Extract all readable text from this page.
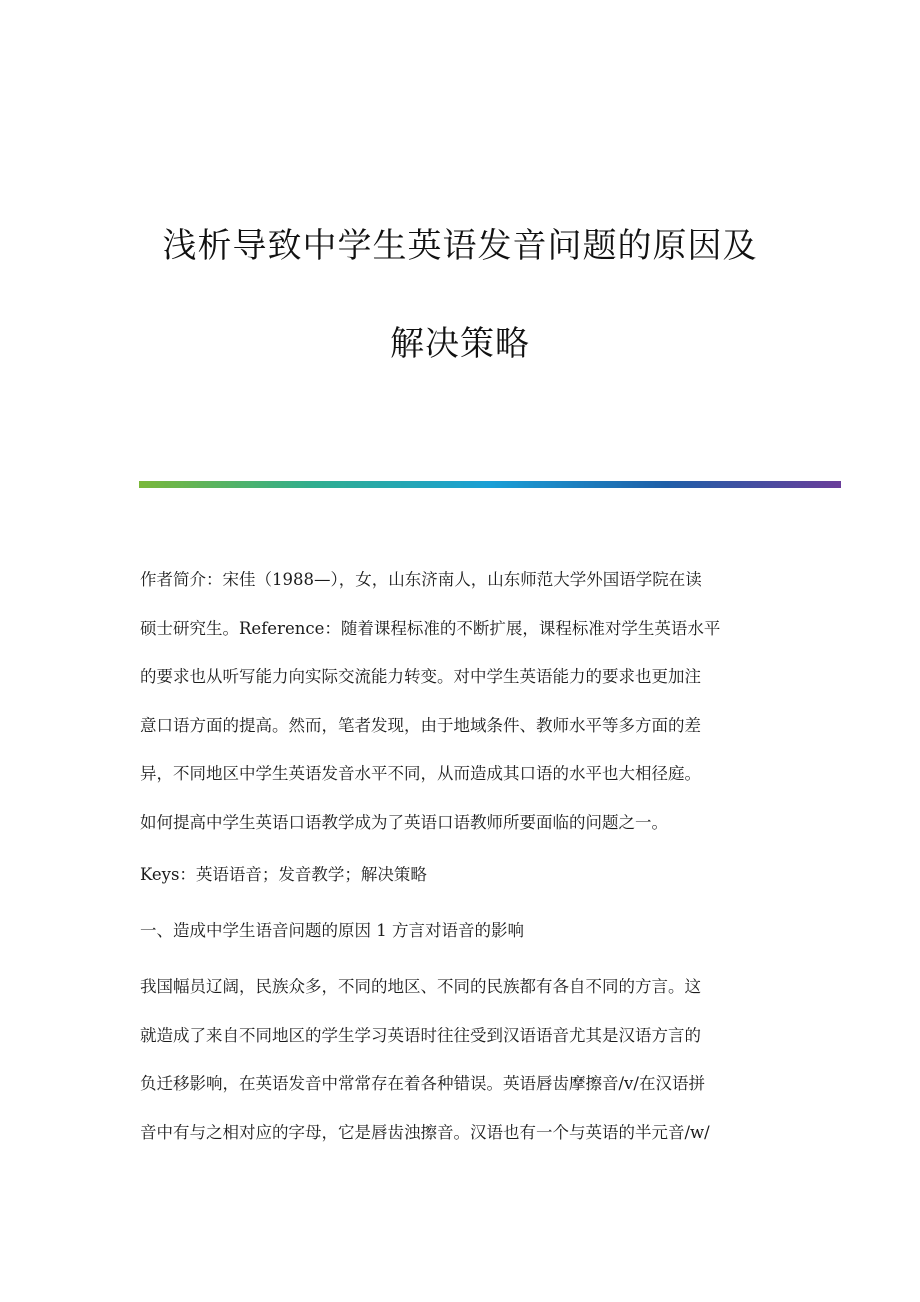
浅析导致中学生英语发音问题的原因及
解决策略
作者简介：宋佳（1988—），女，山东济南人，山东师范大学外国语学院在读
硕士研究生。Reference：随着课程标准的不断扩展，课程标准对学生英语水平
的要求也从听写能力向实际交流能力转变。对中学生英语能力的要求也更加注
意口语方面的提高。然而，笔者发现，由于地域条件、教师水平等多方面的差
异，不同地区中学生英语发音水平不同，从而造成其口语的水平也大相径庭。
如何提高中学生英语口语教学成为了英语口语教师所要面临的问题之一。
Keys：英语语音；发音教学；解决策略
一、造成中学生语音问题的原因 1 方言对语音的影响
我国幅员辽阔，民族众多，不同的地区、不同的民族都有各自不同的方言。这
就造成了来自不同地区的学生学习英语时往往受到汉语语音尤其是汉语方言的
负迁移影响，在英语发音中常常存在着各种错误。英语唇齿摩擦音/v/在汉语拼
音中有与之相对应的字母，它是唇齿浊擦音。汉语也有一个与英语的半元音/w/
